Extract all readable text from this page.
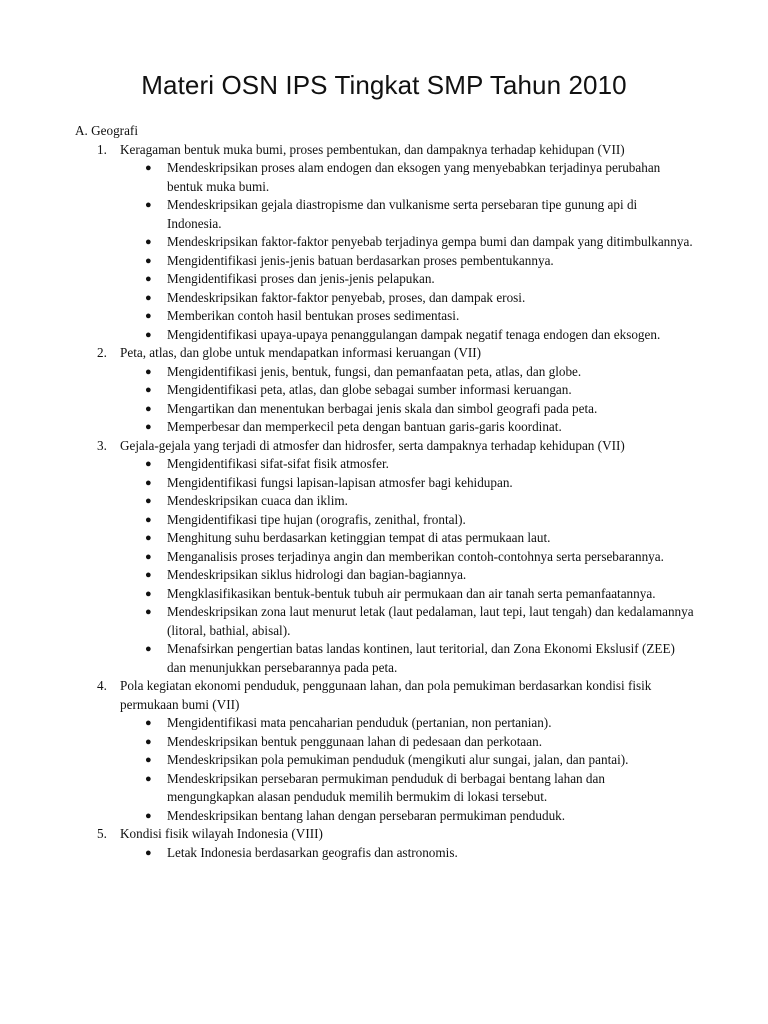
Materi OSN IPS Tingkat SMP Tahun 2010
A. Geografi
1. Keragaman bentuk muka bumi, proses pembentukan, dan dampaknya terhadap kehidupan (VII)
● Mendeskripsikan proses alam endogen dan eksogen yang menyebabkan terjadinya perubahan bentuk muka bumi.
● Mendeskripsikan gejala diastropisme dan vulkanisme serta persebaran tipe gunung api di Indonesia.
● Mendeskripsikan faktor-faktor penyebab terjadinya gempa bumi dan dampak yang ditimbulkannya.
● Mengidentifikasi jenis-jenis batuan berdasarkan proses pembentukannya.
● Mengidentifikasi proses dan jenis-jenis pelapukan.
● Mendeskripsikan faktor-faktor penyebab, proses, dan dampak erosi.
● Memberikan contoh hasil bentukan proses sedimentasi.
● Mengidentifikasi upaya-upaya penanggulangan dampak negatif tenaga endogen dan eksogen.
2. Peta, atlas, dan globe untuk mendapatkan informasi keruangan (VII)
● Mengidentifikasi jenis, bentuk, fungsi, dan pemanfaatan peta, atlas, dan globe.
● Mengidentifikasi peta, atlas, dan globe sebagai sumber informasi keruangan.
● Mengartikan dan menentukan berbagai jenis skala dan simbol geografi pada peta.
● Memperbesar dan memperkecil peta dengan bantuan garis-garis koordinat.
3. Gejala-gejala yang terjadi di atmosfer dan hidrosfer, serta dampaknya terhadap kehidupan (VII)
● Mengidentifikasi sifat-sifat fisik atmosfer.
● Mengidentifikasi fungsi lapisan-lapisan atmosfer bagi kehidupan.
● Mendeskripsikan cuaca dan iklim.
● Mengidentifikasi tipe hujan (orografis, zenithal, frontal).
● Menghitung suhu berdasarkan ketinggian tempat di atas permukaan laut.
● Menganalisis proses terjadinya angin dan memberikan contoh-contohnya serta persebarannya.
● Mendeskripsikan siklus hidrologi dan bagian-bagiannya.
● Mengklasifikasikan bentuk-bentuk tubuh air permukaan dan air tanah serta pemanfaatannya.
● Mendeskripsikan zona laut menurut letak (laut pedalaman, laut tepi, laut tengah) dan kedalamannya (litoral, bathial, abisal).
● Menafsirkan pengertian batas landas kontinen, laut teritorial, dan Zona Ekonomi Ekslusif (ZEE) dan menunjukkan persebarannya pada peta.
4. Pola kegiatan ekonomi penduduk, penggunaan lahan, dan pola pemukiman berdasarkan kondisi fisik permukaan bumi (VII)
● Mengidentifikasi mata pencaharian penduduk (pertanian, non pertanian).
● Mendeskripsikan bentuk penggunaan lahan di pedesaan dan perkotaan.
● Mendeskripsikan pola pemukiman penduduk (mengikuti alur sungai, jalan, dan pantai).
● Mendeskripsikan persebaran permukiman penduduk di berbagai bentang lahan dan mengungkapkan alasan penduduk memilih bermukim di lokasi tersebut.
● Mendeskripsikan bentang lahan dengan persebaran permukiman penduduk.
5. Kondisi fisik wilayah Indonesia (VIII)
● Letak Indonesia berdasarkan geografis dan astronomis.
